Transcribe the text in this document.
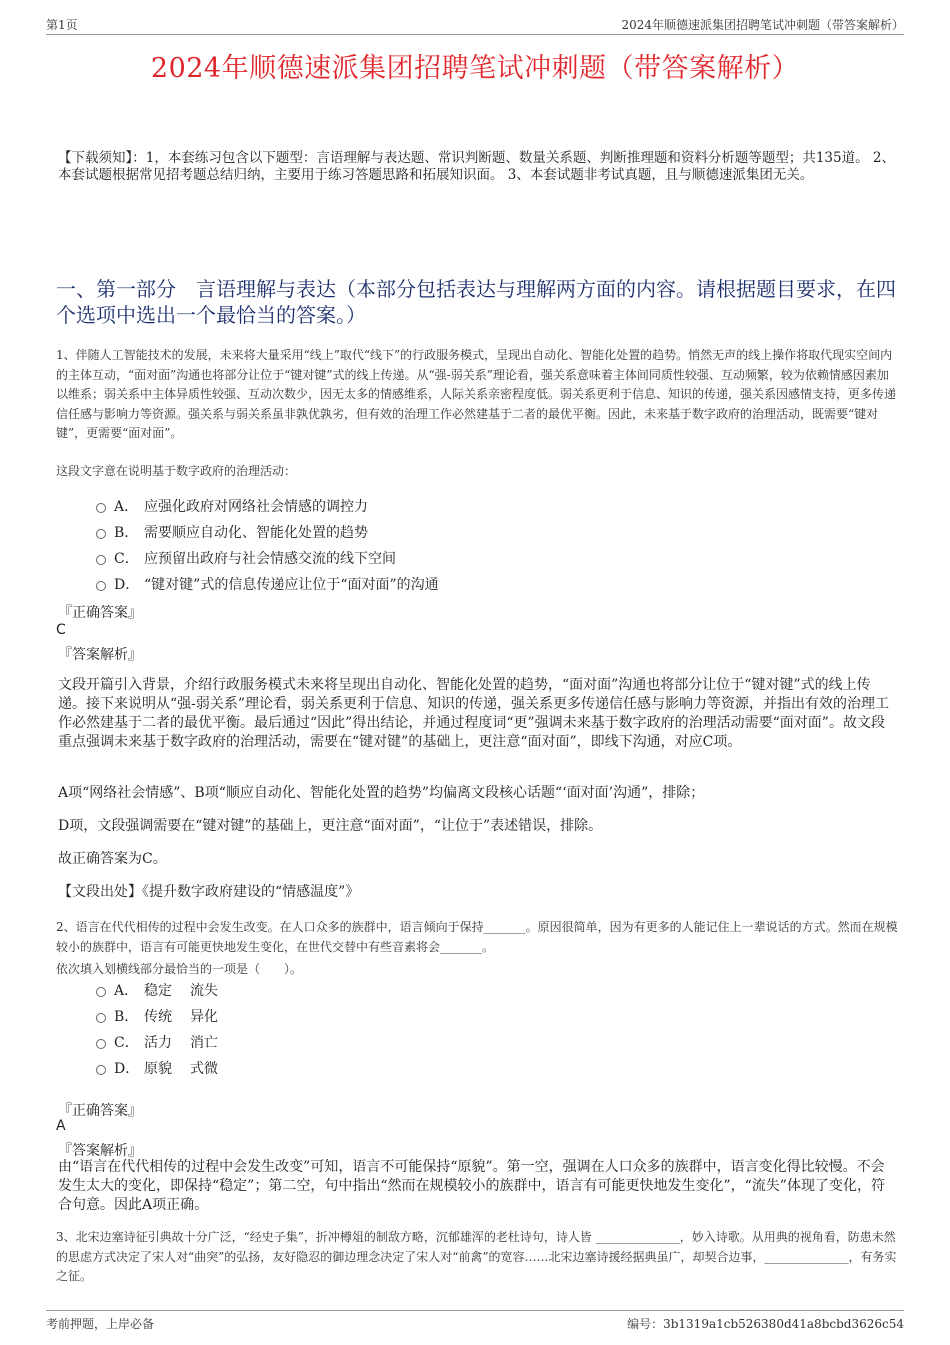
第1页	2024年顺德速派集团招聘笔试冲刺题（带答案解析）
2024年顺德速派集团招聘笔试冲刺题（带答案解析）
【下载须知】：1，本套练习包含以下题型：言语理解与表达题、常识判断题、数量关系题、判断推理题和资料分析题等题型；共135道。 2、本套试题根据常见招考题总结归纳，主要用于练习答题思路和拓展知识面。 3、本套试题非考试真题，且与顺德速派集团无关。
一、第一部分　言语理解与表达（本部分包括表达与理解两方面的内容。请根据题目要求，在四个选项中选出一个最恰当的答案。）
1、伴随人工智能技术的发展，未来将大量采用“线上”取代“线下”的行政服务模式，呈现出自动化、智能化处置的趋势。悄然无声的线上操作将取代现实空间内的主体互动，“面对面”沟通也将部分让位于“键对键”式的线上传递。从“强-弱关系”理论看，强关系意味着主体间同质性较强、互动频繁，较为依赖情感因素加以维系；弱关系中主体异质性较强、互动次数少，因无太多的情感维系，人际关系亲密程度低。弱关系更利于信息、知识的传递，强关系因感情支持，更多传递信任感与影响力等资源。强关系与弱关系虽非孰优孰劣，但有效的治理工作必然建基于二者的最优平衡。因此，未来基于数字政府的治理活动，既需要“键对键”，更需要“面对面”。
这段文字意在说明基于数字政府的治理活动：
A． 应强化政府对网络社会情感的调控力
B． 需要顺应自动化、智能化处置的趋势
C． 应预留出政府与社会情感交流的线下空间
D． “键对键”式的信息传递应让位于“面对面”的沟通
『正确答案』
C
『答案解析』
文段开篇引入背景，介绍行政服务模式未来将呈现出自动化、智能化处置的趋势，“面对面”沟通也将部分让位于“键对键”式的线上传递。接下来说明从“强-弱关系”理论看，弱关系更利于信息、知识的传递，强关系更多传递信任感与影响力等资源，并指出有效的治理工作必然建基于二者的最优平衡。最后通过“因此”得出结论，并通过程度词“更”强调未来基于数字政府的治理活动需要“面对面”。故文段重点强调未来基于数字政府的治理活动，需要在“键对键”的基础上，更注意“面对面”，即线下沟通，对应C项。
A项“网络社会情感”、B项“顺应自动化、智能化处置的趋势”均偏离文段核心话题“‘面对面’沟通”，排除；
D项，文段强调需要在“键对键”的基础上，更注意“面对面”，“让位于”表述错误，排除。
故正确答案为C。
【文段出处】《提升数字政府建设的“情感温度”》
2、语言在代代相传的过程中会发生改变。在人口众多的族群中，语言倾向于保持_______。原因很简单，因为有更多的人能记住上一辈说话的方式。然而在规模较小的族群中，语言有可能更快地发生变化，在世代交替中有些音素将会_______。
依次填入划横线部分最恰当的一项是（　　）。
A． 稳定 流失
B． 传统 异化
C． 活力 消亡
D． 原貌 式微
『正确答案』
A
『答案解析』
由“语言在代代相传的过程中会发生改变”可知，语言不可能保持“原貌”。第一空，强调在人口众多的族群中，语言变化得比较慢。不会发生太大的变化，即保持“稳定”；第二空，句中指出“然而在规模较小的族群中，语言有可能更快地发生变化”，“流失”体现了变化，符合句意。因此A项正确。
3、北宋边塞诗征引典故十分广泛，“经史子集”，折冲樽俎的制敌方略，沉郁雄浑的老杜诗句，诗人皆 ______________，妙入诗歌。从用典的视角看，防患未然的思虑方式决定了宋人对“曲突”的弘扬，友好隐忍的御边理念决定了宋人对“前禽”的宽容……北宋边塞诗援经据典虽广，却契合边事，______________，有务实之征。
考前押题，上岸必备	编号：3b1319a1cb526380d41a8bcbd3626c54
